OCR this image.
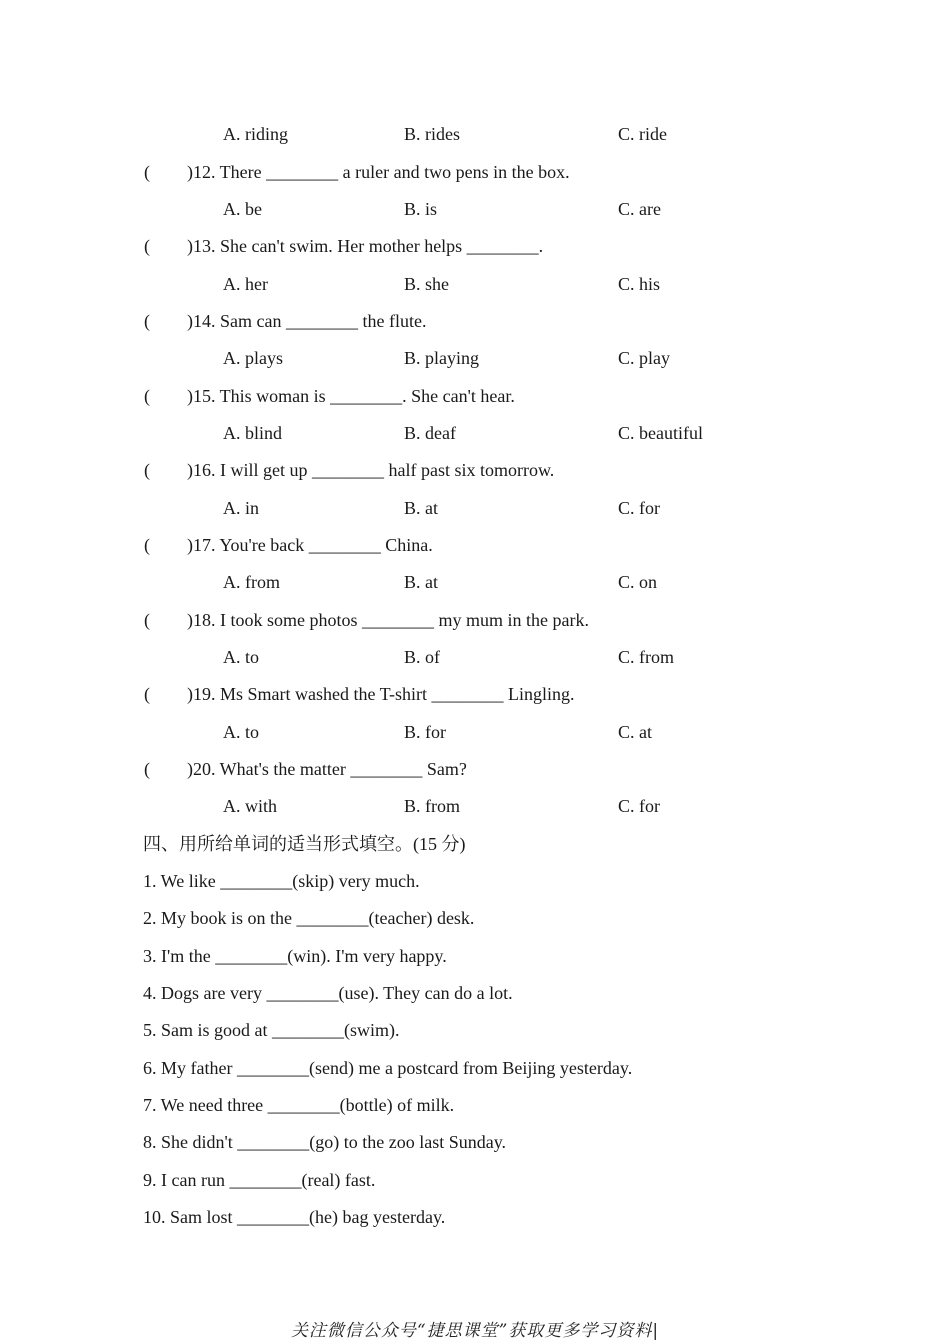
A. riding	B. rides	C. ride
( )12. There ________ a ruler and two pens in the box.
A. be	B. is	C. are
( )13. She can't swim. Her mother helps ________.
A. her	B. she	C. his
( )14. Sam can ________ the flute.
A. plays	B. playing	C. play
( )15. This woman is ________. She can't hear.
A. blind	B. deaf	C. beautiful
( )16. I will get up ________ half past six tomorrow.
A. in	B. at	C. for
( )17. You're back ________ China.
A. from	B. at	C. on
( )18. I took some photos ________ my mum in the park.
A. to	B. of	C. from
( )19. Ms Smart washed the T-shirt ________ Lingling.
A. to	B. for	C. at
( )20. What's the matter ________ Sam?
A. with	B. from	C. for
四、用所给单词的适当形式填空。(15 分)
1. We like ________(skip) very much.
2. My book is on the ________(teacher) desk.
3. I'm the ________(win). I'm very happy.
4. Dogs are very ________(use). They can do a lot.
5. Sam is good at ________(swim).
6. My father ________(send) me a postcard from Beijing yesterday.
7. We need three ________(bottle) of milk.
8. She didn't ________(go) to the zoo last Sunday.
9. I can run ________(real) fast.
10. Sam lost ________(he) bag yesterday.
关注微信公众号“捷思课堂”获取更多学习资料|
